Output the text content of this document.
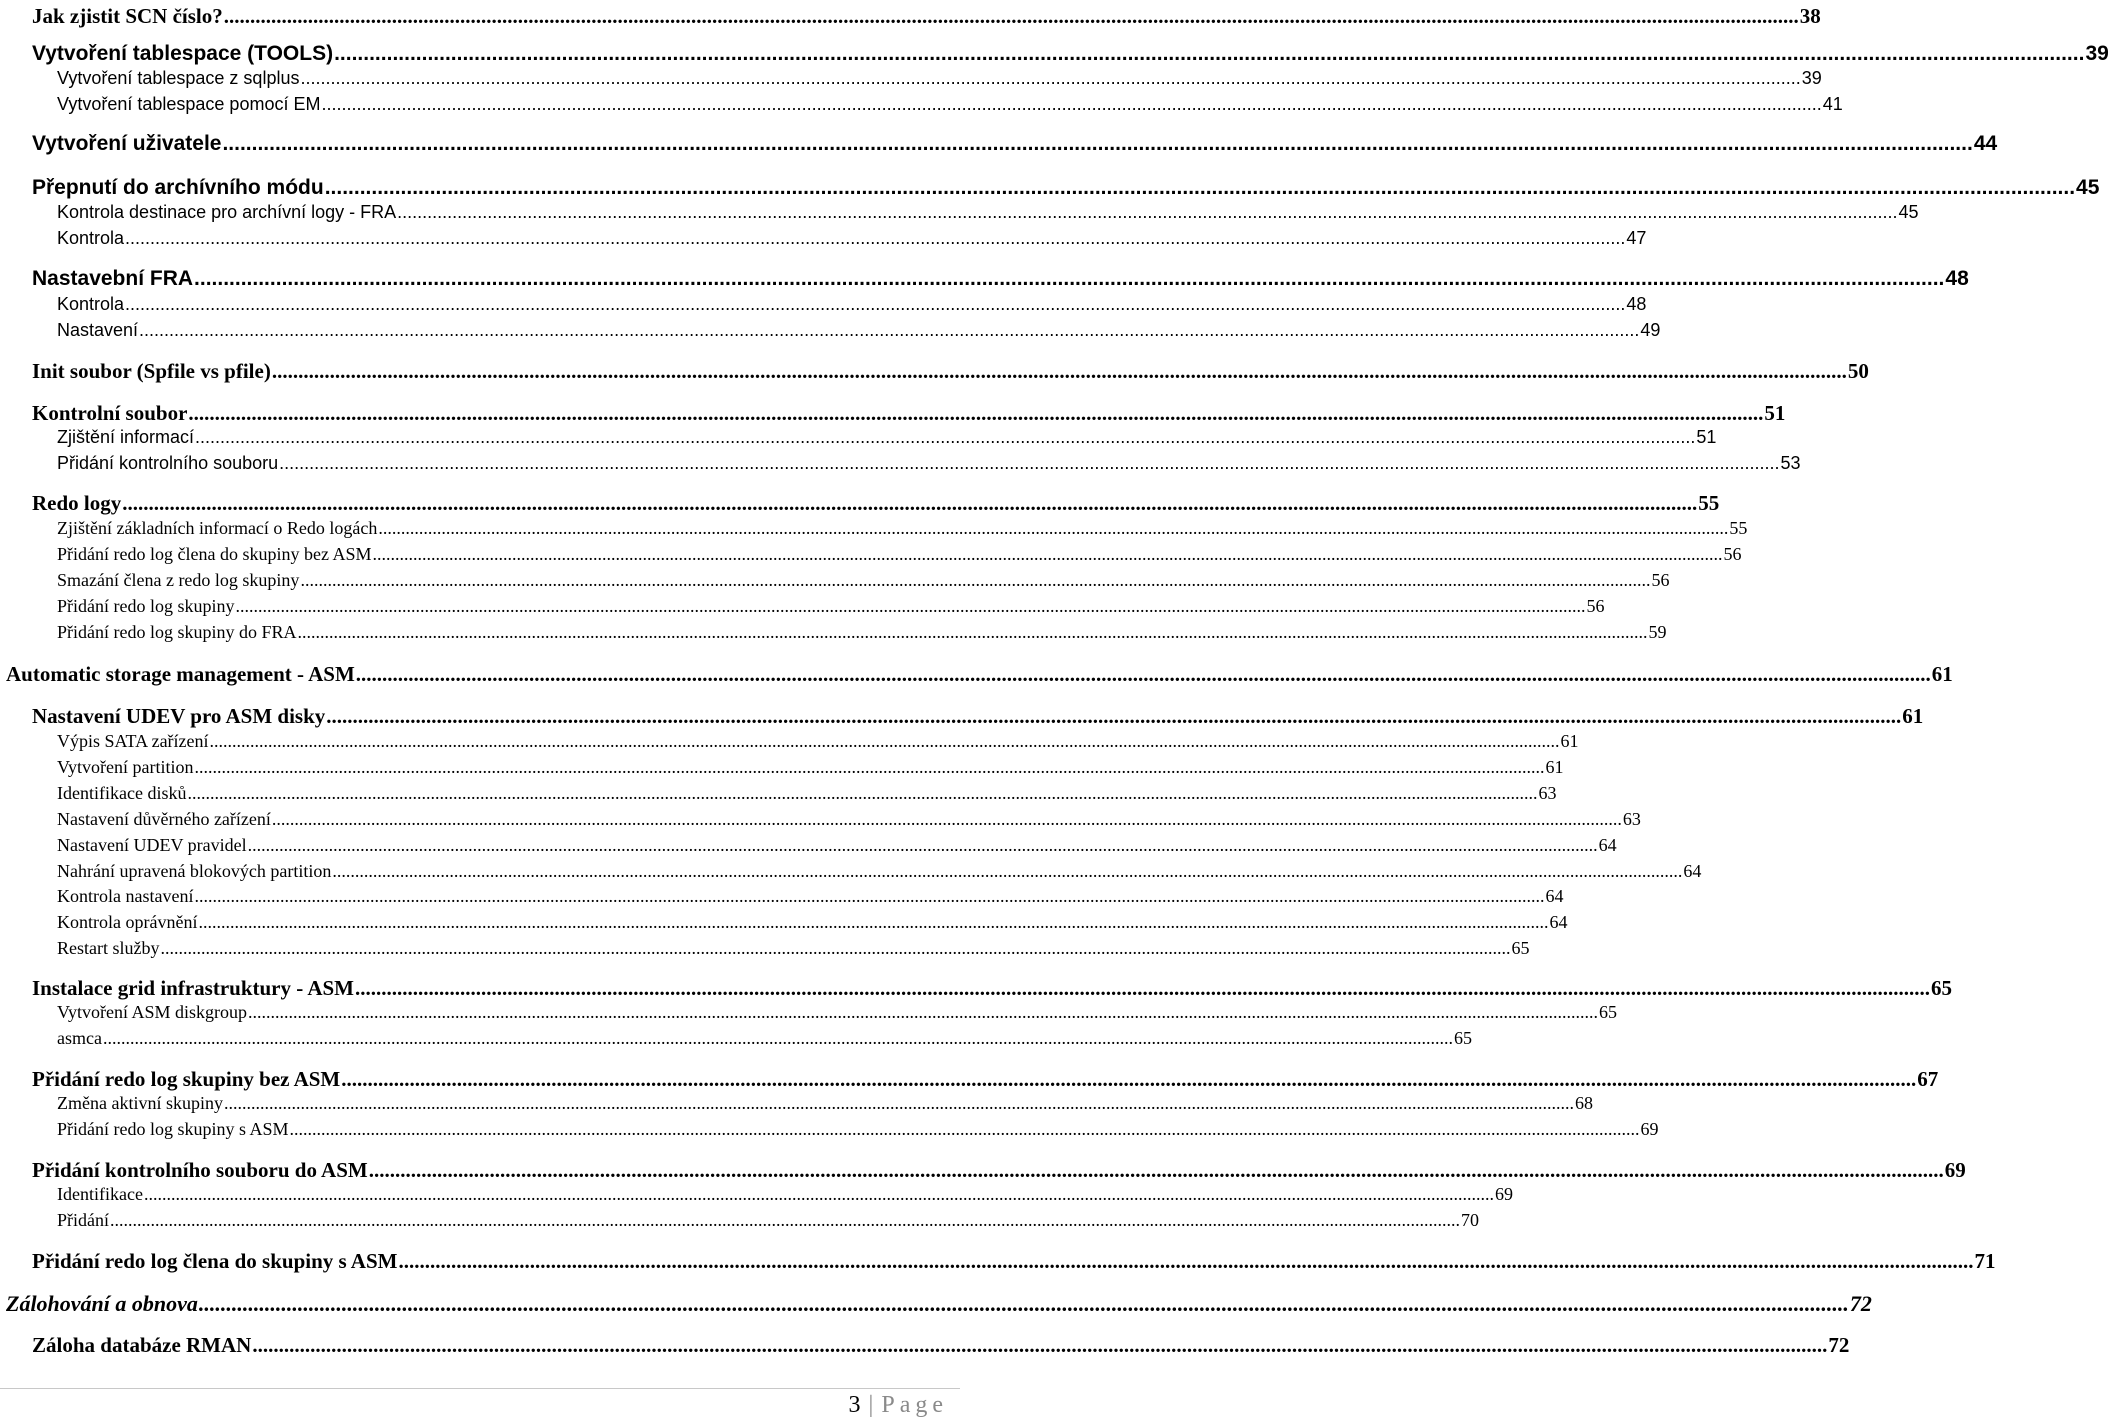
Jak zjistit SCN číslo? ............................................................................................................................................................................................................................................................................................................ 38
Vytvoření tablespace (TOOLS) ............................................................................................................................................................................................................................................................................................................ 39
Vytvoření tablespace z sqlplus ............................................................................................................................................................................................................................................................................................................ 39
Vytvoření tablespace pomocí EM ............................................................................................................................................................................................................................................................................................................ 41
Vytvoření uživatele ............................................................................................................................................................................................................................................................................................................ 44
Přepnutí do archívního módu ............................................................................................................................................................................................................................................................................................................ 45
Kontrola destinace pro archívní logy - FRA ............................................................................................................................................................................................................................................................................................................ 45
Kontrola ............................................................................................................................................................................................................................................................................................................ 47
Nastavební FRA ............................................................................................................................................................................................................................................................................................................ 48
Kontrola ............................................................................................................................................................................................................................................................................................................ 48
Nastavení ............................................................................................................................................................................................................................................................................................................ 49
Init soubor (Spfile vs pfile) ............................................................................................................................................................................................................................................................................................................ 50
Kontrolní soubor ............................................................................................................................................................................................................................................................................................................ 51
Zjištění informací ............................................................................................................................................................................................................................................................................................................ 51
Přidání kontrolního souboru ............................................................................................................................................................................................................................................................................................................ 53
Redo logy ............................................................................................................................................................................................................................................................................................................ 55
Zjištění základních informací o Redo logách ............................................................................................................................................................................................................................................................................................................ 55
Přidání redo log člena do skupiny bez ASM ............................................................................................................................................................................................................................................................................................................ 56
Smazání člena z redo log skupiny ............................................................................................................................................................................................................................................................................................................ 56
Přidání redo log skupiny ............................................................................................................................................................................................................................................................................................................ 56
Přidání redo log skupiny do FRA ............................................................................................................................................................................................................................................................................................................ 59
Automatic storage management - ASM ............................................................................................................................................................................................................................................................................................................ 61
Nastavení UDEV pro ASM disky ............................................................................................................................................................................................................................................................................................................ 61
Výpis SATA zařízení ............................................................................................................................................................................................................................................................................................................ 61
Vytvoření partition ............................................................................................................................................................................................................................................................................................................ 61
Identifikace disků ............................................................................................................................................................................................................................................................................................................ 63
Nastavení důvěrného zařízení ............................................................................................................................................................................................................................................................................................................ 63
Nastavení UDEV pravidel ............................................................................................................................................................................................................................................................................................................ 64
Nahrání upravená blokových partition ............................................................................................................................................................................................................................................................................................................ 64
Kontrola nastavení ............................................................................................................................................................................................................................................................................................................ 64
Kontrola oprávnění ............................................................................................................................................................................................................................................................................................................ 64
Restart služby ............................................................................................................................................................................................................................................................................................................ 65
Instalace grid infrastruktury - ASM ............................................................................................................................................................................................................................................................................................................ 65
Vytvoření ASM diskgroup ............................................................................................................................................................................................................................................................................................................ 65
asmca ............................................................................................................................................................................................................................................................................................................ 65
Přidání redo log skupiny bez ASM ............................................................................................................................................................................................................................................................................................................ 67
Změna aktivní skupiny ............................................................................................................................................................................................................................................................................................................ 68
Přidání redo log skupiny s ASM ............................................................................................................................................................................................................................................................................................................ 69
Přidání kontrolního souboru do ASM ............................................................................................................................................................................................................................................................................................................ 69
Identifikace ............................................................................................................................................................................................................................................................................................................ 69
Přidání ............................................................................................................................................................................................................................................................................................................ 70
Přidání redo log člena do skupiny s ASM ............................................................................................................................................................................................................................................................................................................ 71
Zálohování a obnova ............................................................................................................................................................................................................................................................................................................ 72
Záloha databáze RMAN ............................................................................................................................................................................................................................................................................................................ 72
3 | Page
